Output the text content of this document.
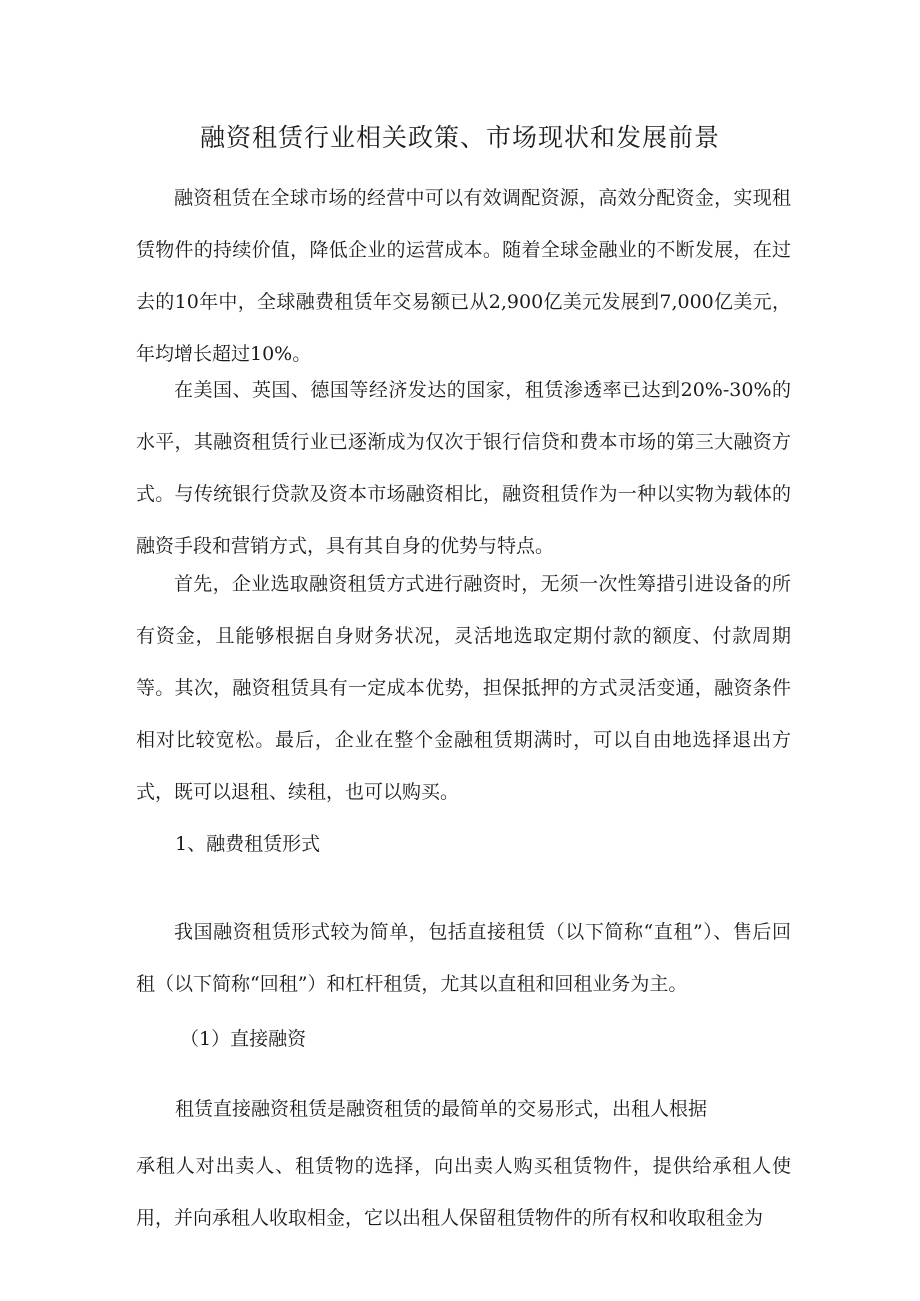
融资租赁行业相关政策、市场现状和发展前景

融资租赁在全球市场的经营中可以有效调配资源，高效分配资金，实现租赁物件的持续价值，降低企业的运营成本。随着全球金融业的不断发展，在过去的10年中，全球融费租赁年交易额已从2,900亿美元发展到7,000亿美元，年均增长超过10%。

在美国、英国、德国等经济发达的国家，租赁渗透率已达到20%-30%的水平，其融资租赁行业已逐渐成为仅次于银行信贷和费本市场的第三大融资方式。与传统银行贷款及资本市场融资相比，融资租赁作为一种以实物为载体的融资手段和营销方式，具有其自身的优势与特点。

首先，企业选取融资租赁方式进行融资时，无须一次性筹措引进设备的所有资金，且能够根据自身财务状况，灵活地选取定期付款的额度、付款周期等。其次，融资租赁具有一定成本优势，担保抵押的方式灵活变通，融资条件相对比较宽松。最后，企业在整个金融租赁期满时，可以自由地选择退出方式，既可以退租、续租，也可以购买。

1、融费租赁形式

我国融资租赁形式较为简单，包括直接租赁（以下简称“直租”）、售后回租（以下简称“回租”）和杠杆租赁，尤其以直租和回租业务为主。

（1）直接融资

租赁直接融资租赁是融资租赁的最简单的交易形式，出租人根据

承租人对出卖人、租赁物的选择，向出卖人购买租赁物件，提供给承租人使用，并向承租人收取相金，它以出租人保留租赁物件的所有权和收取租金为
